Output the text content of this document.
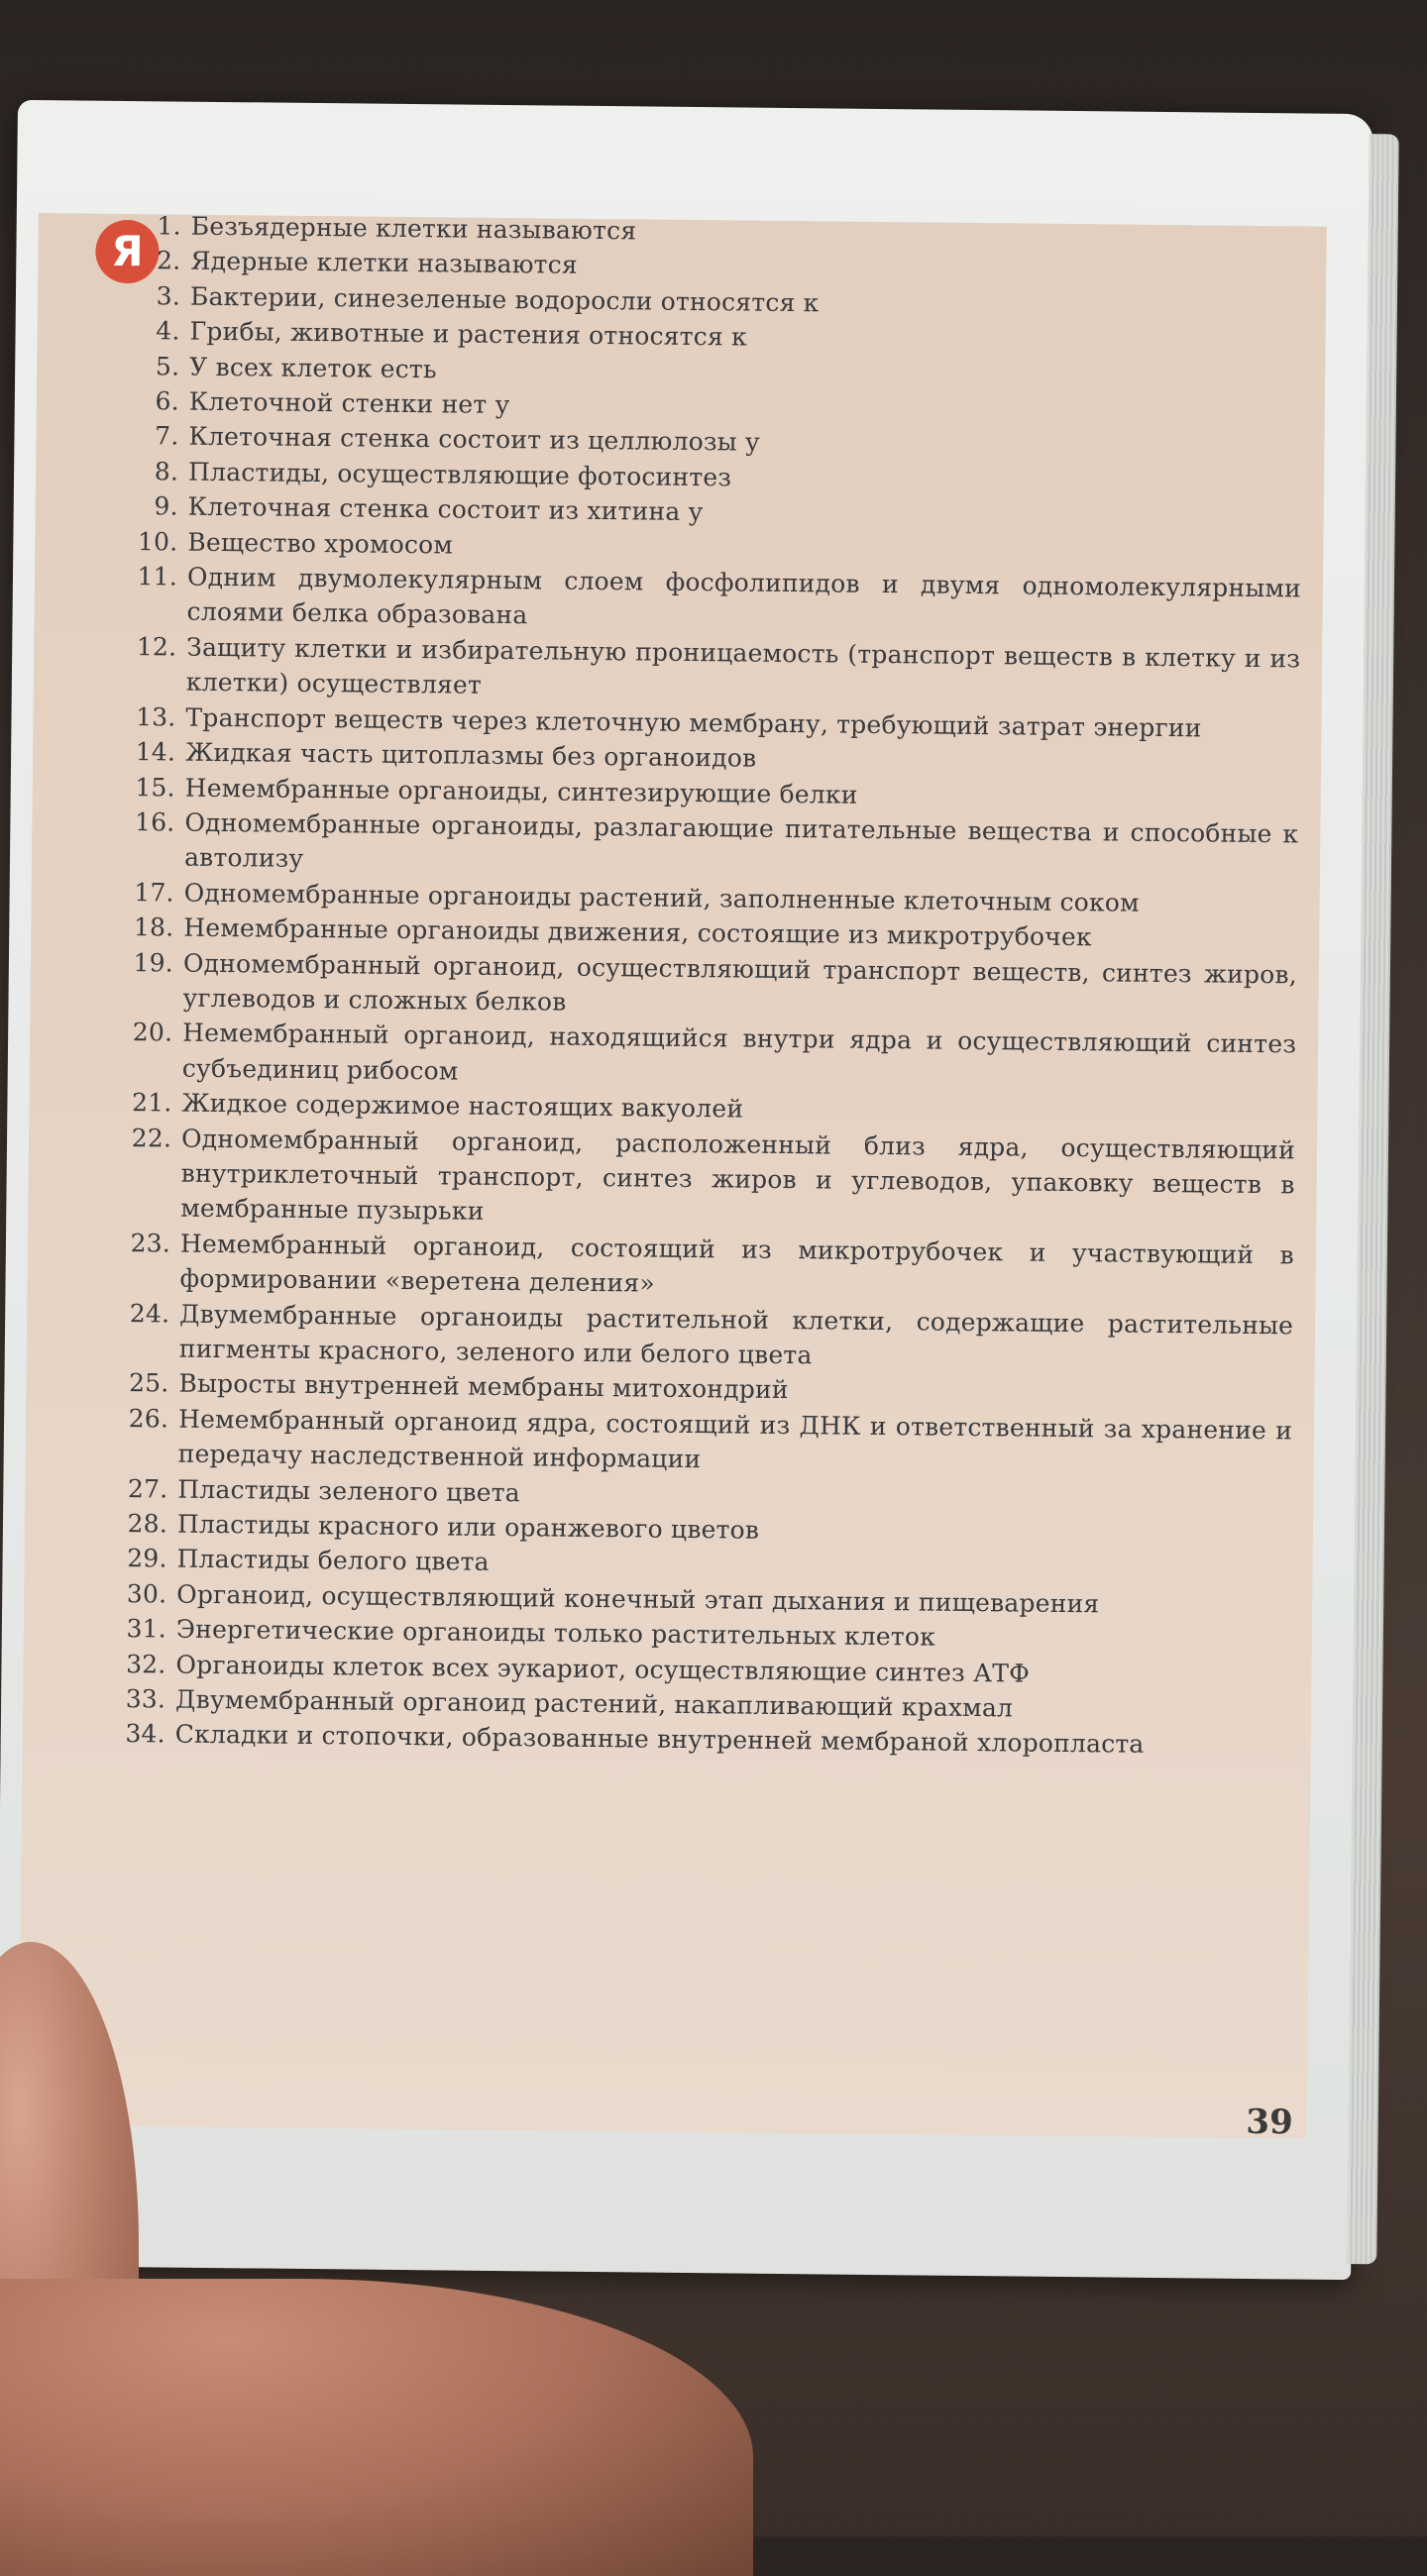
Я
1. Безъядерные клетки называются
2. Ядерные клетки называются
3. Бактерии, синезеленые водоросли относятся к
4. Грибы, животные и растения относятся к
5. У всех клеток есть
6. Клеточной стенки нет у
7. Клеточная стенка состоит из целлюлозы у
8. Пластиды, осуществляющие фотосинтез
9. Клеточная стенка состоит из хитина у
10. Вещество хромосом
11. Одним двумолекулярным слоем фосфолипидов и двумя одномолекулярными слоями белка образована
12. Защиту клетки и избирательную проницаемость (транспорт веществ в клетку и из клетки) осуществляет
13. Транспорт веществ через клеточную мембрану, требующий затрат энергии
14. Жидкая часть цитоплазмы без органоидов
15. Немембранные органоиды, синтезирующие белки
16. Одномембранные органоиды, разлагающие питательные вещества и способные к автолизу
17. Одномембранные органоиды растений, заполненные клеточным соком
18. Немембранные органоиды движения, состоящие из микротрубочек
19. Одномембранный органоид, осуществляющий транспорт веществ, синтез жиров, углеводов и сложных белков
20. Немембранный органоид, находящийся внутри ядра и осуществляющий синтез субъединиц рибосом
21. Жидкое содержимое настоящих вакуолей
22. Одномембранный органоид, расположенный близ ядра, осуществляющий внутриклеточный транспорт, синтез жиров и углеводов, упаковку веществ в мембранные пузырьки
23. Немембранный органоид, состоящий из микротрубочек и участвующий в формировании «веретена деления»
24. Двумембранные органоиды растительной клетки, содержащие растительные пигменты красного, зеленого или белого цвета
25. Выросты внутренней мембраны митохондрий
26. Немембранный органоид ядра, состоящий из ДНК и ответственный за хранение и передачу наследственной информации
27. Пластиды зеленого цвета
28. Пластиды красного или оранжевого цветов
29. Пластиды белого цвета
30. Органоид, осуществляющий конечный этап дыхания и пищеварения
31. Энергетические органоиды только растительных клеток
32. Органоиды клеток всех эукариот, осуществляющие синтез АТФ
33. Двумембранный органоид растений, накапливающий крахмал
34. Складки и стопочки, образованные внутренней мембраной хлоропласта
39
